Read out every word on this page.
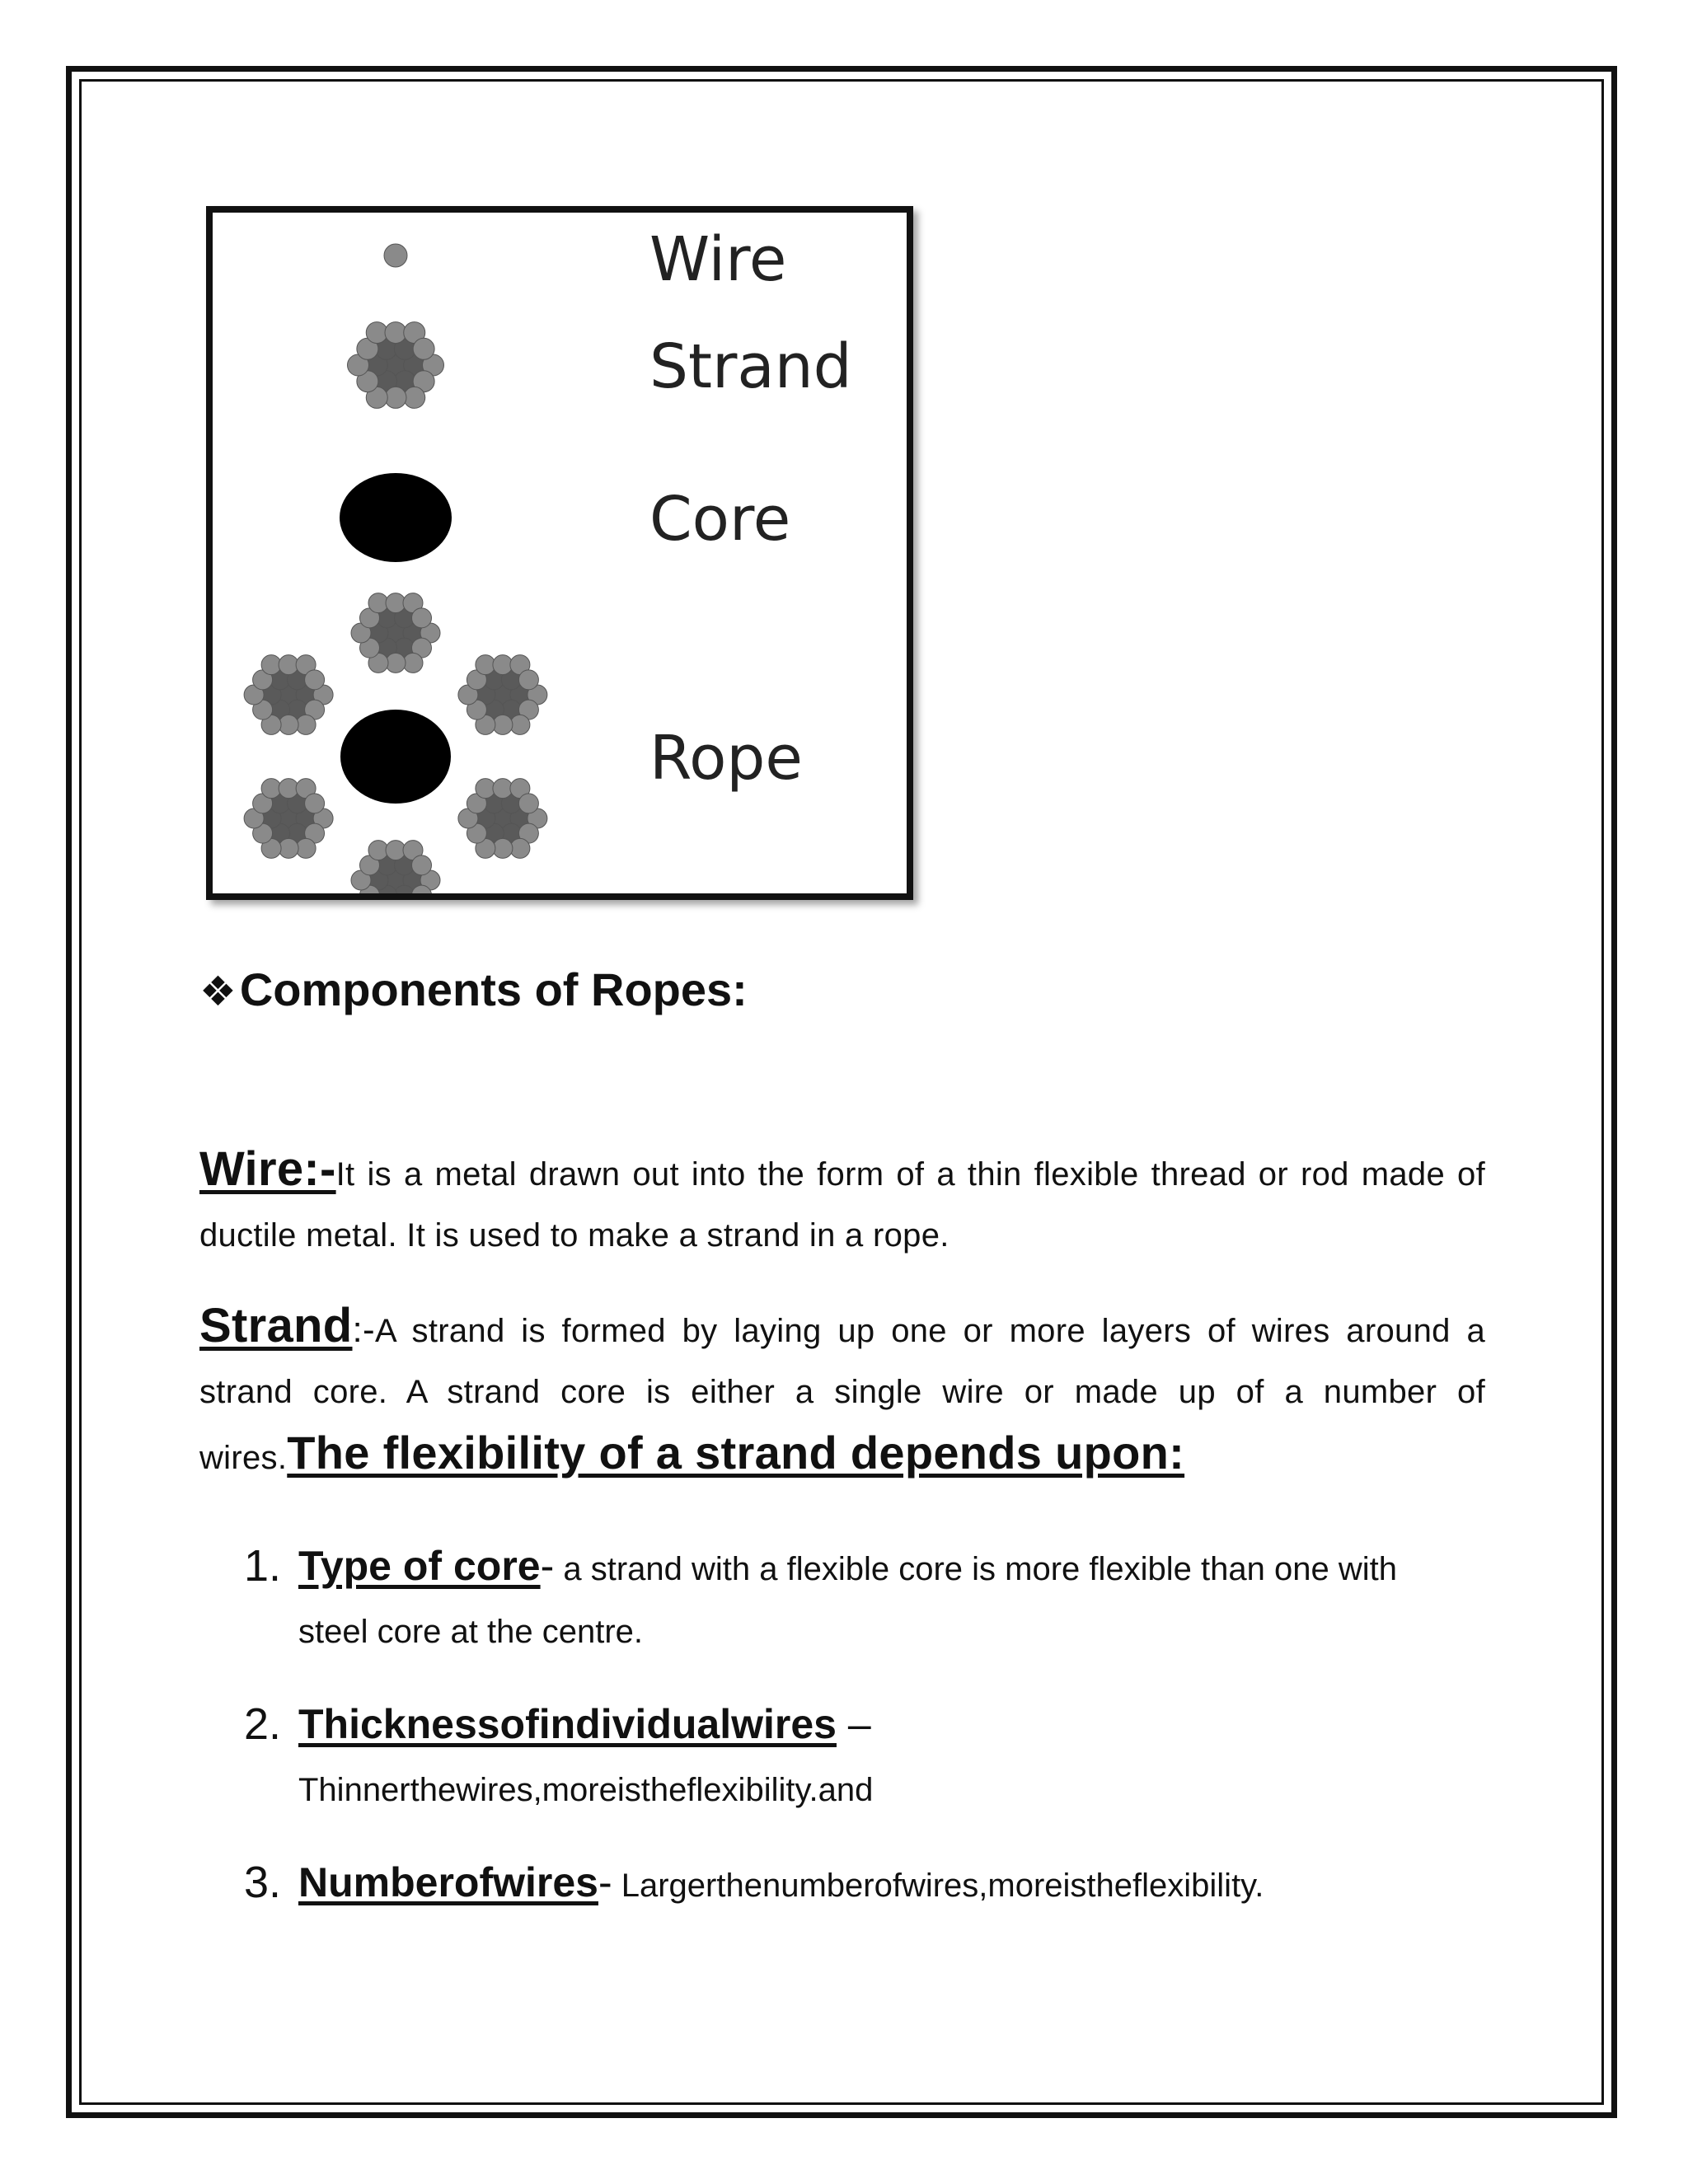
Wire
Strand
Core
Rope
❖Components of Ropes:
Wire:-It is a metal drawn out into the form of a thin flexible thread or rod made of ductile metal. It is used to make a strand in a rope.
Strand:-A strand is formed by laying up one or more layers of wires around a strand core. A strand core is either a single wire or made up of a number of wires.The flexibility of a strand depends upon:
1. Type of core- a strand with a flexible core is more flexible than one with steel core at the centre.
2. Thicknessofindividualwires –
Thinnerthewires,moreistheflexibility.and
3. Numberofwires- Largerthenumberofwires,moreistheflexibility.
